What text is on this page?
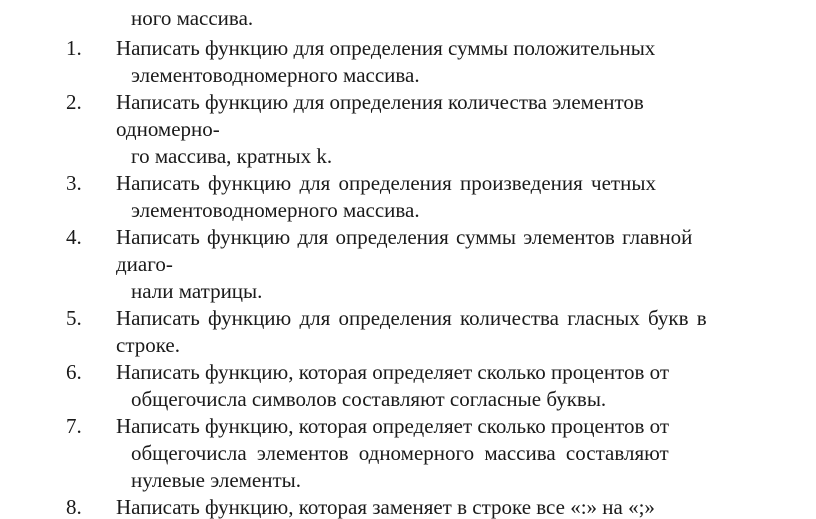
ного массива.
1. Написать функцию для определения суммы положительных
элементоводномерного массива.
2. Написать функцию для определения количества элементов
одномерно-
го массива, кратных k.
3. Написать функцию для определения произведения четных
элементоводномерного массива.
4. Написать функцию для определения суммы элементов главной
диаго-
нали матрицы.
5. Написать функцию для определения количества гласных букв в
строке.
6. Написать функцию, которая определяет сколько процентов от
общегочисла символов составляют согласные буквы.
7. Написать функцию, которая определяет сколько процентов от
общегочисла элементов одномерного массива составляют
нулевые элементы.
8. Написать функцию, которая заменяет в строке все «:» на «;»
